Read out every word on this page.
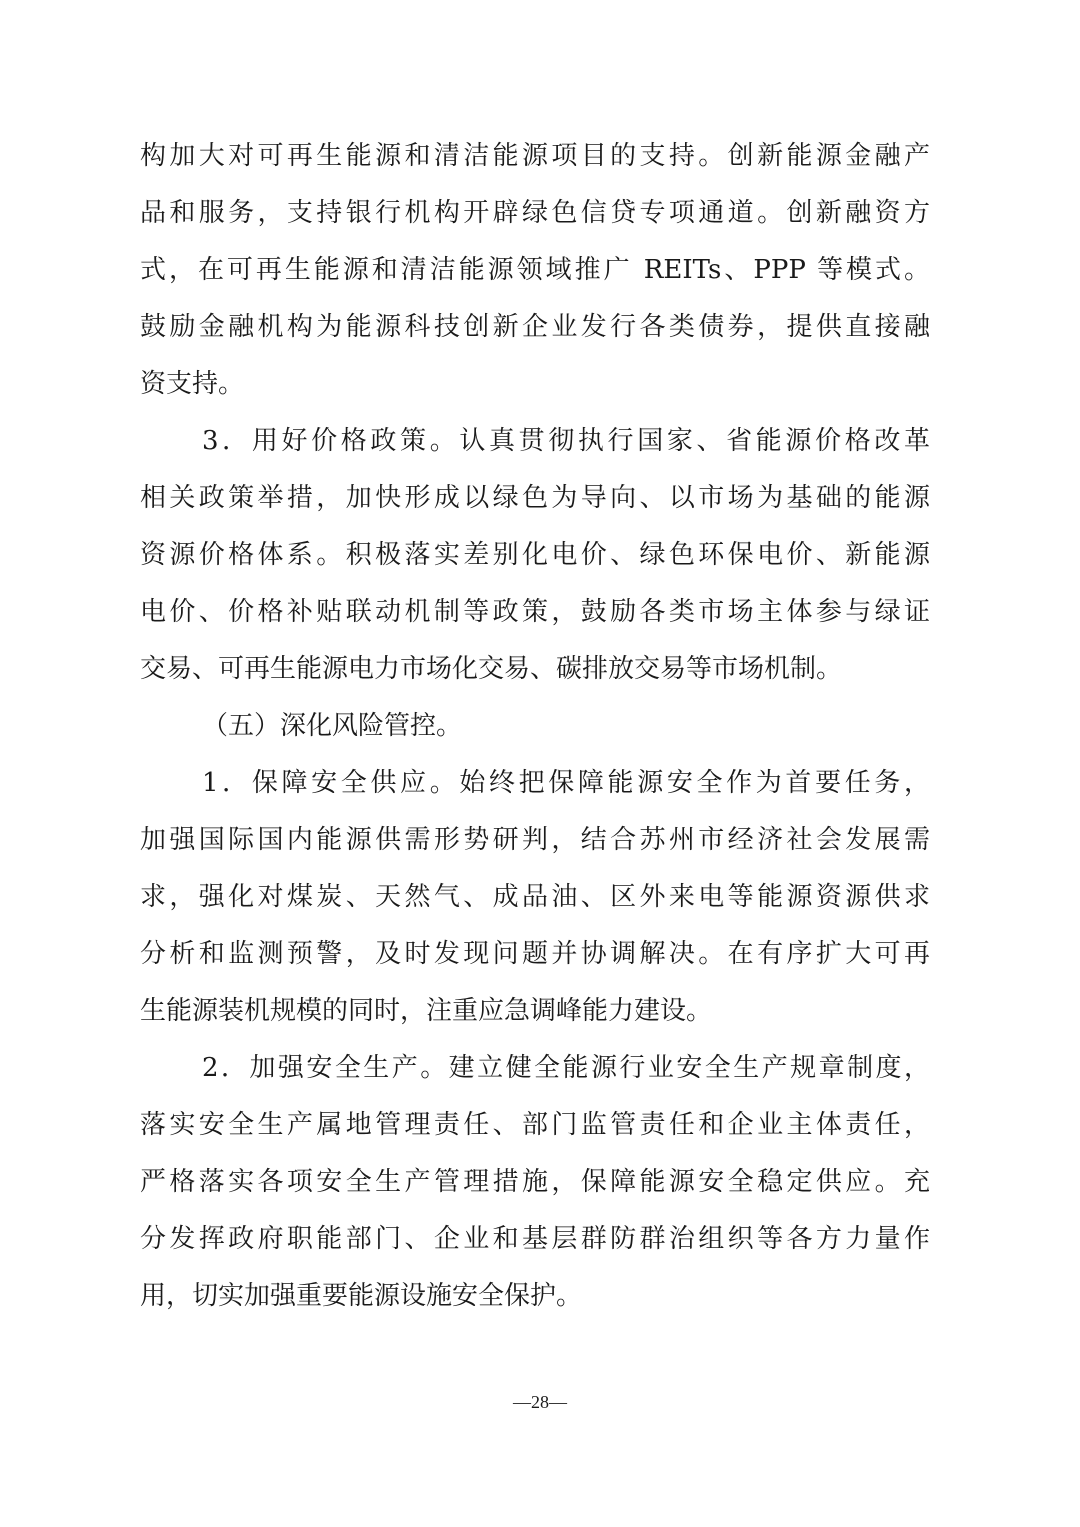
构加大对可再生能源和清洁能源项目的支持。创新能源金融产
品和服务，支持银行机构开辟绿色信贷专项通道。创新融资方
式，在可再生能源和清洁能源领域推广 REITs、PPP 等模式。
鼓励金融机构为能源科技创新企业发行各类债券，提供直接融
资支持。
3．用好价格政策。认真贯彻执行国家、省能源价格改革
相关政策举措，加快形成以绿色为导向、以市场为基础的能源
资源价格体系。积极落实差别化电价、绿色环保电价、新能源
电价、价格补贴联动机制等政策，鼓励各类市场主体参与绿证
交易、可再生能源电力市场化交易、碳排放交易等市场机制。
（五）深化风险管控。
1．保障安全供应。始终把保障能源安全作为首要任务，
加强国际国内能源供需形势研判，结合苏州市经济社会发展需
求，强化对煤炭、天然气、成品油、区外来电等能源资源供求
分析和监测预警，及时发现问题并协调解决。在有序扩大可再
生能源装机规模的同时，注重应急调峰能力建设。
2．加强安全生产。建立健全能源行业安全生产规章制度，
落实安全生产属地管理责任、部门监管责任和企业主体责任，
严格落实各项安全生产管理措施，保障能源安全稳定供应。充
分发挥政府职能部门、企业和基层群防群治组织等各方力量作
用，切实加强重要能源设施安全保护。
—28—
